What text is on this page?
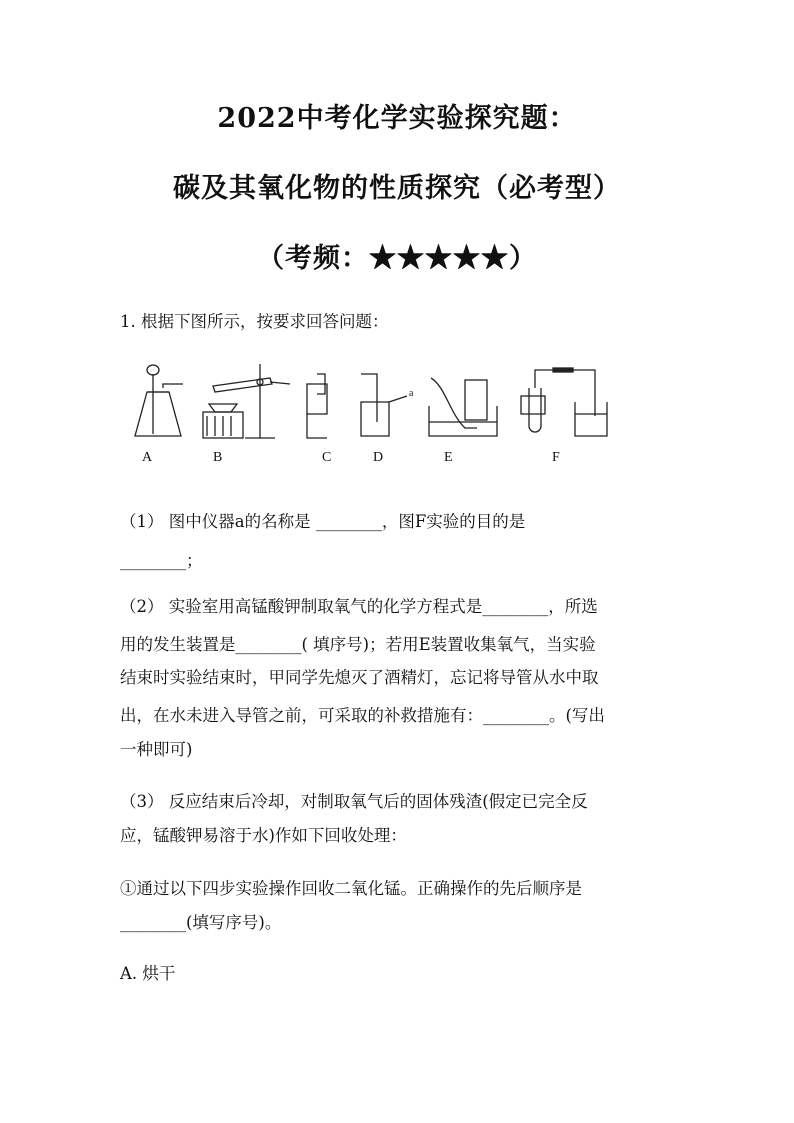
2022中考化学实验探究题：
碳及其氧化物的性质探究（必考型）
（考频：★★★★★）
1. 根据下图所示，按要求回答问题：
a
A	B	C	D	E	F
（1） 图中仪器a的名称是 ________，图F实验的目的是
________；
（2） 实验室用高锰酸钾制取氧气的化学方程式是________，所选
用的发生装置是________( 填序号)；若用E装置收集氧气，当实验
结束时实验结束时，甲同学先熄灭了酒精灯，忘记将导管从水中取
出，在水未进入导管之前，可采取的补救措施有：________。(写出
一种即可)
（3） 反应结束后冷却，对制取氧气后的固体残渣(假定已完全反
应，锰酸钾易溶于水)作如下回收处理：
①通过以下四步实验操作回收二氧化锰。正确操作的先后顺序是
________(填写序号)。
A. 烘干
